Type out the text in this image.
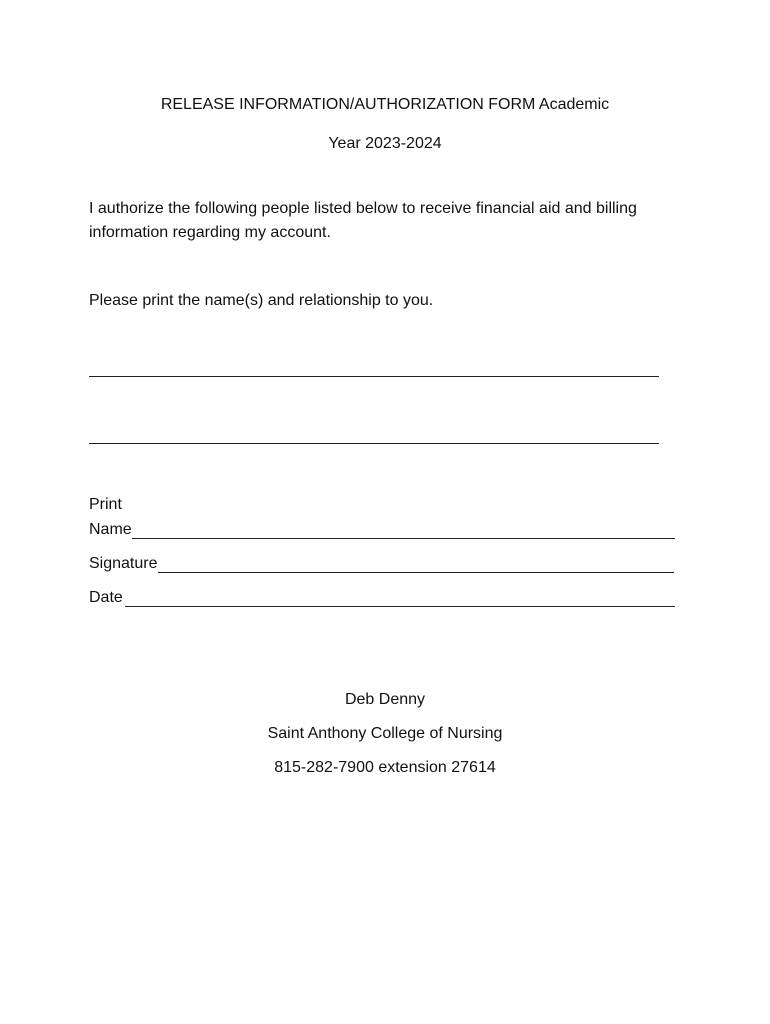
RELEASE INFORMATION/AUTHORIZATION FORM Academic
Year 2023-2024
I authorize the following people listed below to receive financial aid and billing
information regarding my account.
Please print the name(s) and relationship to you.
Print
Name
Signature
Date
Deb Denny
Saint Anthony College of Nursing
815-282-7900 extension 27614
